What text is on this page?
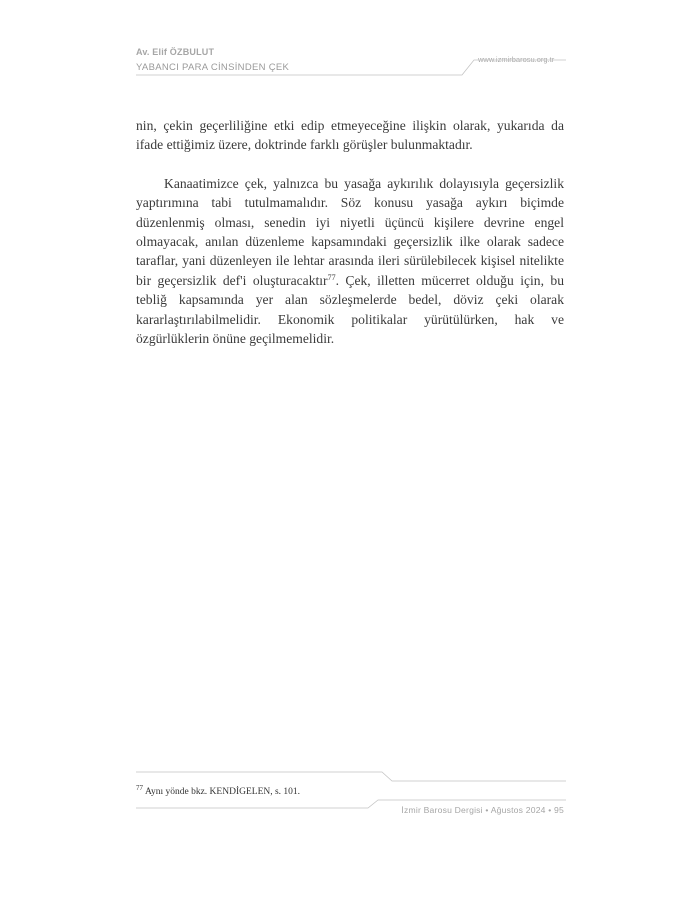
Av. Elif ÖZBULUT
YABANCI PARA CİNSİNDEN ÇEK
www.izmirbarosu.org.tr

nin, çekin geçerliliğine etki edip etmeyeceğine ilişkin olarak, yukarıda da ifade ettiğimiz üzere, doktrinde farklı görüşler bulunmaktadır.

Kanaatimizce çek, yalnızca bu yasağa aykırılık dolayısıyla geçersizlik yaptırımına tabi tutulmamalıdır. Söz konusu yasağa aykırı biçimde düzenlenmiş olması, senedin iyi niyetli üçüncü kişilere devrine engel olmayacak, anılan düzenleme kapsamındaki geçersizlik ilke olarak sadece taraflar, yani düzenleyen ile lehtar arasında ileri sürülebilecek kişisel nitelikte bir geçersizlik def'i oluşturacaktır$^{77}$. Çek, illetten mücerret olduğu için, bu tebliğ kapsamında yer alan sözleşmelerde bedel, döviz çeki olarak kararlaştırılabilmelidir. Ekonomik politikalar yürütülürken, hak ve özgürlüklerin önüne geçilmemelidir.

$^{77}$ Aynı yönde bkz. KENDİGELEN, s. 101.
İzmir Barosu Dergisi • Ağustos 2024 • 95
